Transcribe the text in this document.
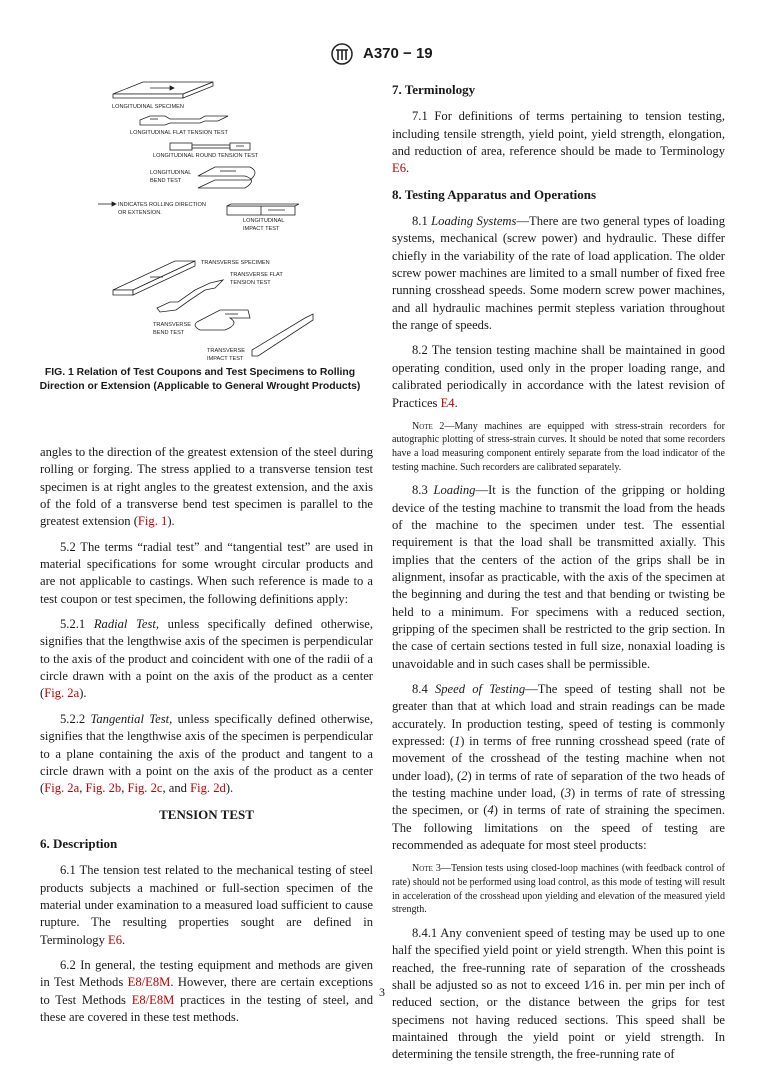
A370 − 19
LONGITUDINAL SPECIMEN
LONGITUDINAL FLAT TENSION TEST
LONGITUDINAL ROUND TENSION TEST
LONGITUDINAL
BEND TEST
INDICATES ROLLING DIRECTION
OR EXTENSION.
LONGITUDINAL
IMPACT TEST
TRANSVERSE SPECIMEN
TRANSVERSE FLAT
TENSION TEST
TRANSVERSE
BEND TEST
TRANSVERSE
IMPACT TEST
FIG. 1 Relation of Test Coupons and Test Specimens to Rolling
Direction or Extension (Applicable to General Wrought Products)
angles to the direction of the greatest extension of the steel during rolling or forging. The stress applied to a transverse tension test specimen is at right angles to the greatest extension, and the axis of the fold of a transverse bend test specimen is parallel to the greatest extension (Fig. 1).
5.2 The terms “radial test” and “tangential test” are used in material specifications for some wrought circular products and are not applicable to castings. When such reference is made to a test coupon or test specimen, the following definitions apply:
5.2.1 Radial Test, unless specifically defined otherwise, signifies that the lengthwise axis of the specimen is perpendicular to the axis of the product and coincident with one of the radii of a circle drawn with a point on the axis of the product as a center (Fig. 2a).
5.2.2 Tangential Test, unless specifically defined otherwise, signifies that the lengthwise axis of the specimen is perpendicular to a plane containing the axis of the product and tangent to a circle drawn with a point on the axis of the product as a center (Fig. 2a, Fig. 2b, Fig. 2c, and Fig. 2d).
TENSION TEST
6. Description
6.1 The tension test related to the mechanical testing of steel products subjects a machined or full-section specimen of the material under examination to a measured load sufficient to cause rupture. The resulting properties sought are defined in Terminology E6.
6.2 In general, the testing equipment and methods are given in Test Methods E8/E8M. However, there are certain exceptions to Test Methods E8/E8M practices in the testing of steel, and these are covered in these test methods.
7. Terminology
7.1 For definitions of terms pertaining to tension testing, including tensile strength, yield point, yield strength, elongation, and reduction of area, reference should be made to Terminology E6.
8. Testing Apparatus and Operations
8.1 Loading Systems—There are two general types of loading systems, mechanical (screw power) and hydraulic. These differ chiefly in the variability of the rate of load application. The older screw power machines are limited to a small number of fixed free running crosshead speeds. Some modern screw power machines, and all hydraulic machines permit stepless variation throughout the range of speeds.
8.2 The tension testing machine shall be maintained in good operating condition, used only in the proper loading range, and calibrated periodically in accordance with the latest revision of Practices E4.
Note 2—Many machines are equipped with stress-strain recorders for autographic plotting of stress-strain curves. It should be noted that some recorders have a load measuring component entirely separate from the load indicator of the testing machine. Such recorders are calibrated separately.
8.3 Loading—It is the function of the gripping or holding device of the testing machine to transmit the load from the heads of the machine to the specimen under test. The essential requirement is that the load shall be transmitted axially. This implies that the centers of the action of the grips shall be in alignment, insofar as practicable, with the axis of the specimen at the beginning and during the test and that bending or twisting be held to a minimum. For specimens with a reduced section, gripping of the specimen shall be restricted to the grip section. In the case of certain sections tested in full size, nonaxial loading is unavoidable and in such cases shall be permissible.
8.4 Speed of Testing—The speed of testing shall not be greater than that at which load and strain readings can be made accurately. In production testing, speed of testing is commonly expressed: (1) in terms of free running crosshead speed (rate of movement of the crosshead of the testing machine when not under load), (2) in terms of rate of separation of the two heads of the testing machine under load, (3) in terms of rate of stressing the specimen, or (4) in terms of rate of straining the specimen. The following limitations on the speed of testing are recommended as adequate for most steel products:
Note 3—Tension tests using closed-loop machines (with feedback control of rate) should not be performed using load control, as this mode of testing will result in acceleration of the crosshead upon yielding and elevation of the measured yield strength.
8.4.1 Any convenient speed of testing may be used up to one half the specified yield point or yield strength. When this point is reached, the free-running rate of separation of the crossheads shall be adjusted so as not to exceed 1⁄16 in. per min per inch of reduced section, or the distance between the grips for test specimens not having reduced sections. This speed shall be maintained through the yield point or yield strength. In determining the tensile strength, the free-running rate of
3
